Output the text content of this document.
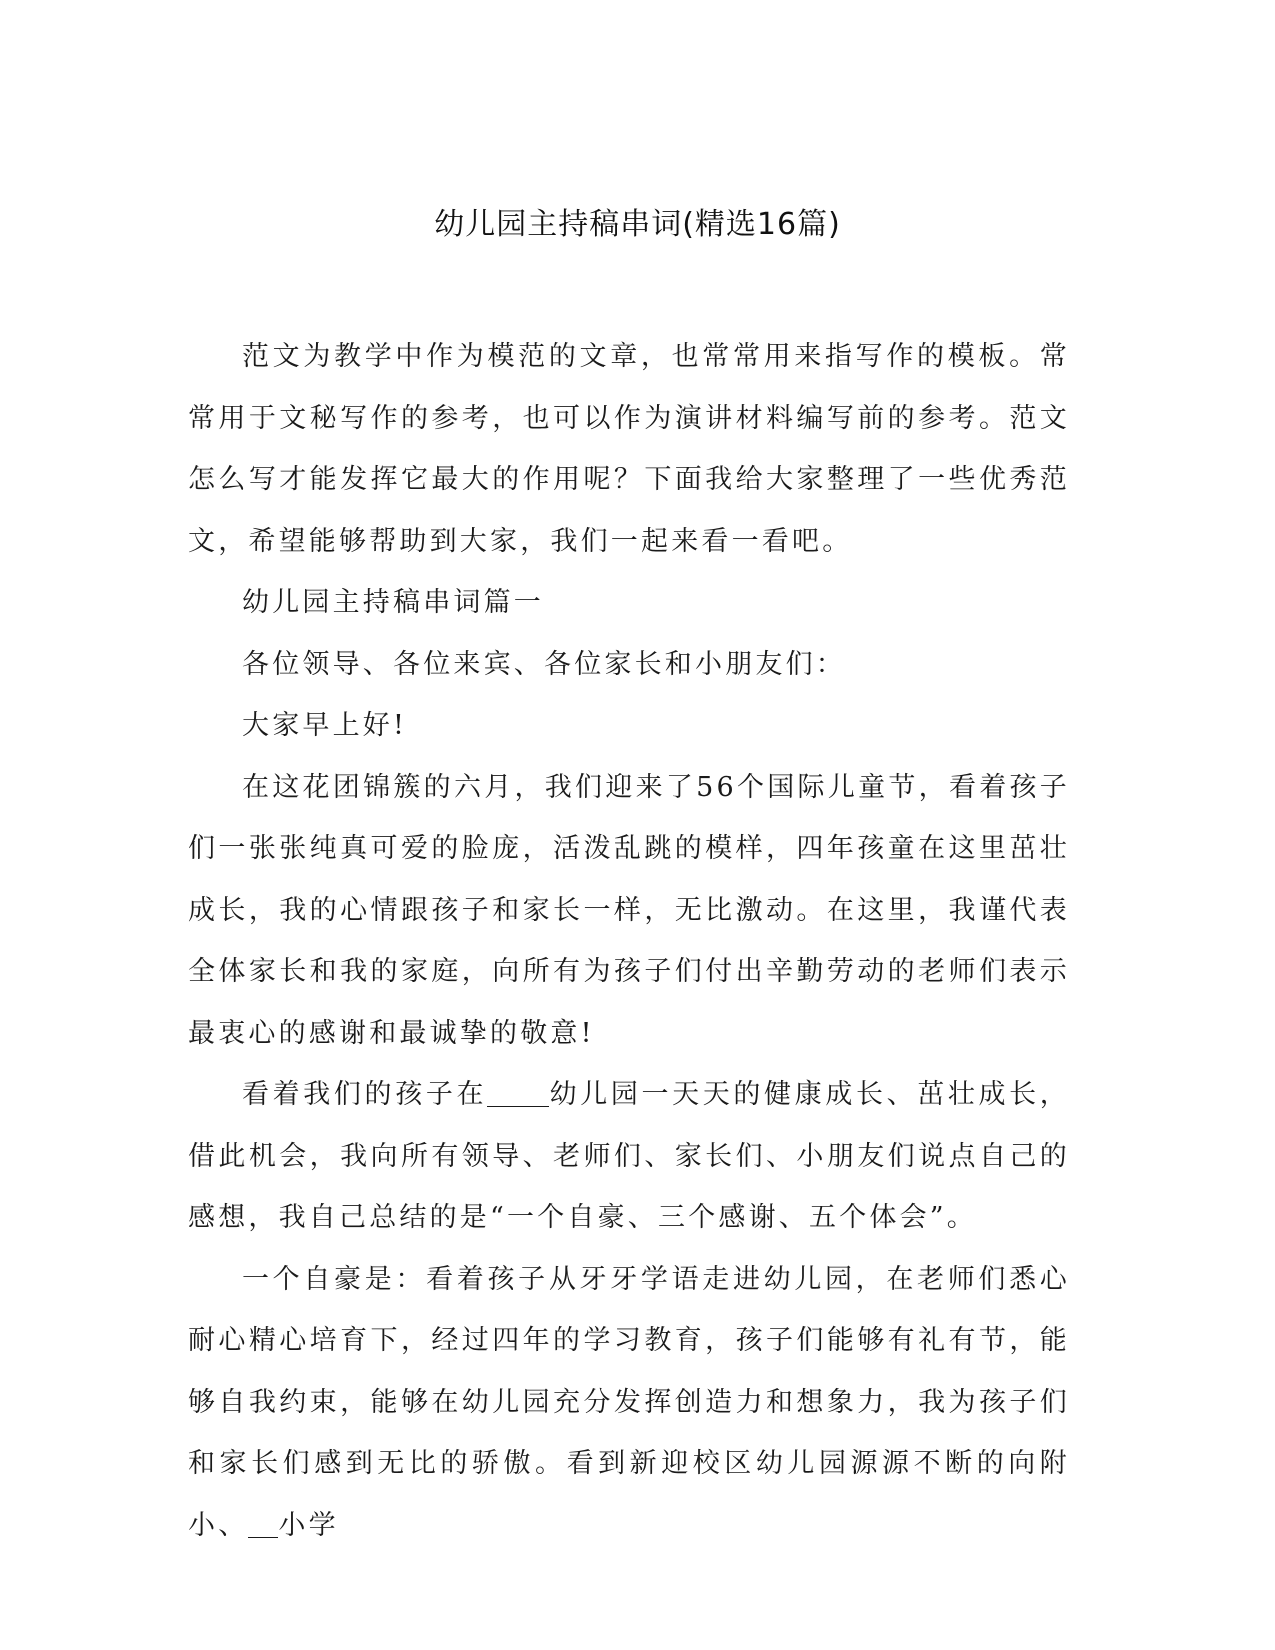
幼儿园主持稿串词(精选16篇)

范文为教学中作为模范的文章，也常常用来指写作的模板。常常用于文秘写作的参考，也可以作为演讲材料编写前的参考。范文怎么写才能发挥它最大的作用呢？下面我给大家整理了一些优秀范文，希望能够帮助到大家，我们一起来看一看吧。

幼儿园主持稿串词篇一

各位领导、各位来宾、各位家长和小朋友们：

大家早上好!

在这花团锦簇的六月，我们迎来了56个国际儿童节，看着孩子们一张张纯真可爱的脸庞，活泼乱跳的模样，四年孩童在这里茁壮成长，我的心情跟孩子和家长一样，无比激动。在这里，我谨代表全体家长和我的家庭，向所有为孩子们付出辛勤劳动的老师们表示最衷心的感谢和最诚挚的敬意!

看着我们的孩子在 幼儿园一天天的健康成长、茁壮成长，借此机会，我向所有领导、老师们、家长们、小朋友们说点自己的感想，我自己总结的是“一个自豪、三个感谢、五个体会”。

一个自豪是：看着孩子从牙牙学语走进幼儿园，在老师们悉心耐心精心培育下，经过四年的学习教育，孩子们能够有礼有节，能够自我约束，能够在幼儿园充分发挥创造力和想象力，我为孩子们和家长们感到无比的骄傲。看到新迎校区幼儿园源源不断的向附小、 小学
